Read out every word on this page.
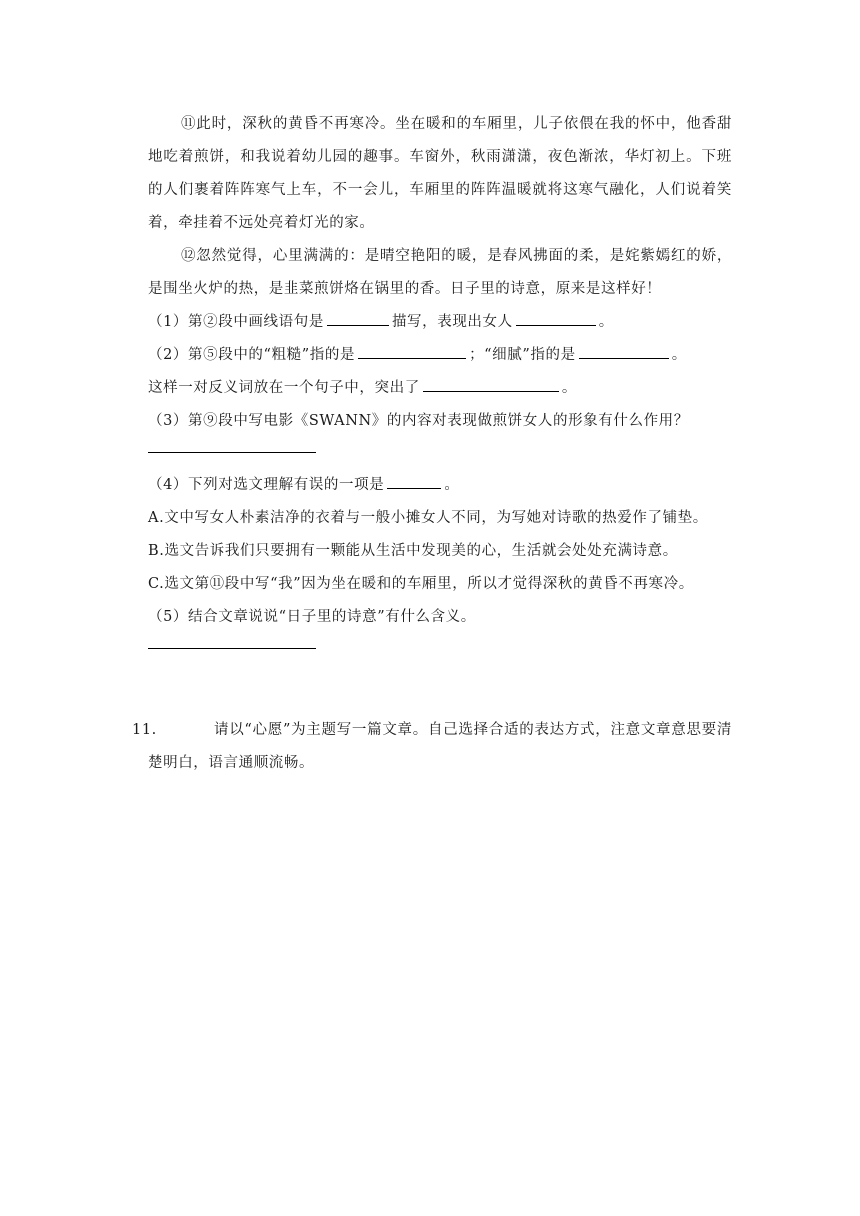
⑪此时，深秋的黄昏不再寒冷。坐在暖和的车厢里，儿子依偎在我的怀中，他香甜地吃着煎饼，和我说着幼儿园的趣事。车窗外，秋雨潇潇，夜色渐浓，华灯初上。下班的人们裹着阵阵寒气上车，不一会儿，车厢里的阵阵温暖就将这寒气融化，人们说着笑着，牵挂着不远处亮着灯光的家。

⑫忽然觉得，心里满满的：是晴空艳阳的暖，是春风拂面的柔，是姹紫嫣红的娇，是围坐火炉的热，是韭菜煎饼烙在锅里的香。日子里的诗意，原来是这样好！

（1）第②段中画线语句是	描写，表现出女人	。

（2）第⑤段中的“粗糙”指的是	；“细腻”指的是	。

这样一对反义词放在一个句子中，突出了	。

（3）第⑨段中写电影《SWANN》的内容对表现做煎饼女人的形象有什么作用？

（4）下列对选文理解有误的一项是	。

A.文中写女人朴素洁净的衣着与一般小摊女人不同，为写她对诗歌的热爱作了铺垫。

B.选文告诉我们只要拥有一颗能从生活中发现美的心，生活就会处处充满诗意。

C.选文第⑪段中写“我”因为坐在暖和的车厢里，所以才觉得深秋的黄昏不再寒冷。

（5）结合文章说说“日子里的诗意”有什么含义。

11.	请以“心愿”为主题写一篇文章。自己选择合适的表达方式，注意文章意思要清楚明白，语言通顺流畅。
